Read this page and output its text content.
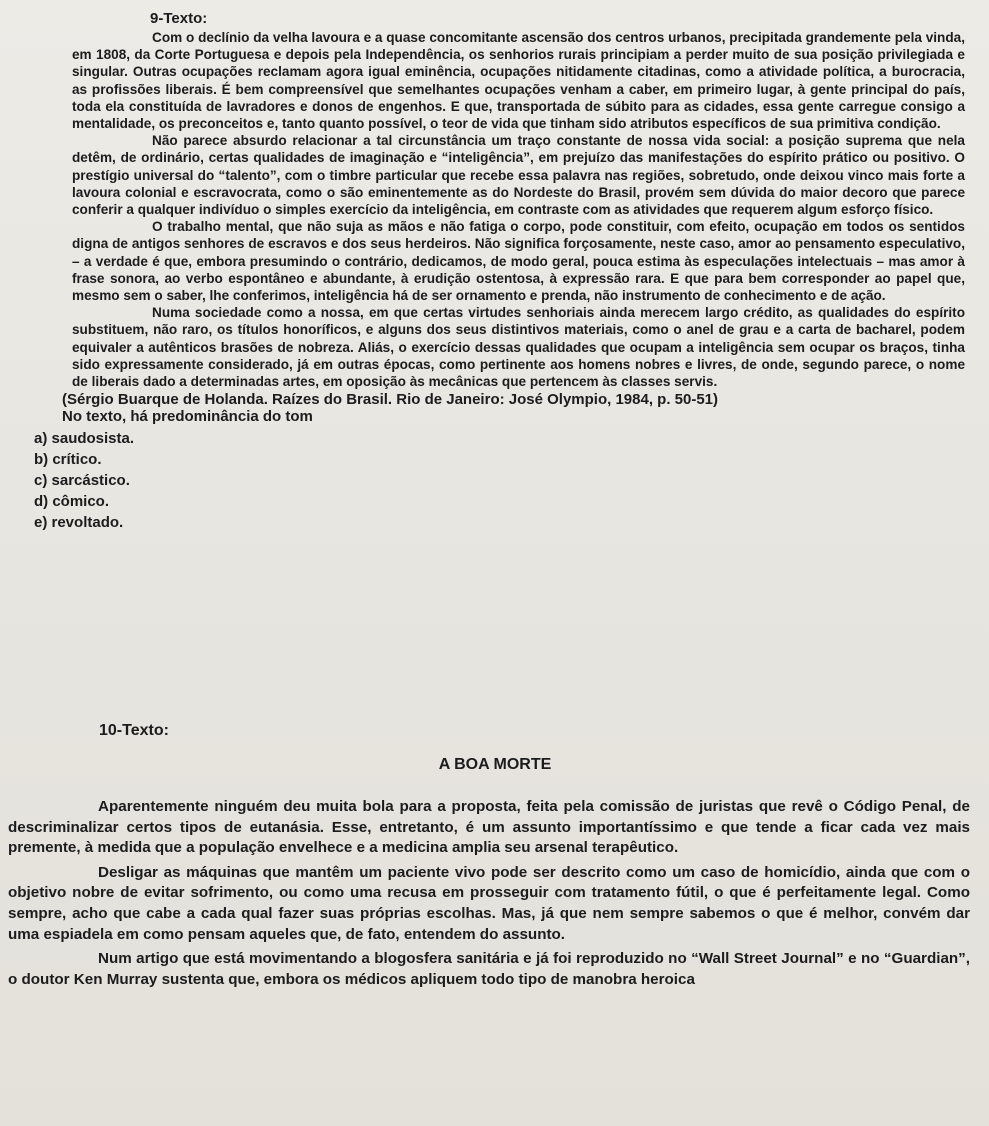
9-Texto:

Com o declínio da velha lavoura e a quase concomitante ascensão dos centros urbanos, precipitada grandemente pela vinda, em 1808, da Corte Portuguesa e depois pela Independência, os senhorios rurais principiam a perder muito de sua posição privilegiada e singular. Outras ocupações reclamam agora igual eminência, ocupações nitidamente citadinas, como a atividade política, a burocracia, as profissões liberais. É bem compreensível que semelhantes ocupações venham a caber, em primeiro lugar, à gente principal do país, toda ela constituída de lavradores e donos de engenhos. E que, transportada de súbito para as cidades, essa gente carregue consigo a mentalidade, os preconceitos e, tanto quanto possível, o teor de vida que tinham sido atributos específicos de sua primitiva condição.

Não parece absurdo relacionar a tal circunstância um traço constante de nossa vida social: a posição suprema que nela detêm, de ordinário, certas qualidades de imaginação e “inteligência”, em prejuízo das manifestações do espírito prático ou positivo. O prestígio universal do “talento”, com o timbre particular que recebe essa palavra nas regiões, sobretudo, onde deixou vinco mais forte a lavoura colonial e escravocrata, como o são eminentemente as do Nordeste do Brasil, provém sem dúvida do maior decoro que parece conferir a qualquer indivíduo o simples exercício da inteligência, em contraste com as atividades que requerem algum esforço físico.

O trabalho mental, que não suja as mãos e não fatiga o corpo, pode constituir, com efeito, ocupação em todos os sentidos digna de antigos senhores de escravos e dos seus herdeiros. Não significa forçosamente, neste caso, amor ao pensamento especulativo, – a verdade é que, embora presumindo o contrário, dedicamos, de modo geral, pouca estima às especulações intelectuais – mas amor à frase sonora, ao verbo espontâneo e abundante, à erudição ostentosa, à expressão rara. E que para bem corresponder ao papel que, mesmo sem o saber, lhe conferimos, inteligência há de ser ornamento e prenda, não instrumento de conhecimento e de ação.

Numa sociedade como a nossa, em que certas virtudes senhoriais ainda merecem largo crédito, as qualidades do espírito substituem, não raro, os títulos honoríficos, e alguns dos seus distintivos materiais, como o anel de grau e a carta de bacharel, podem equivaler a autênticos brasões de nobreza. Aliás, o exercício dessas qualidades que ocupam a inteligência sem ocupar os braços, tinha sido expressamente considerado, já em outras épocas, como pertinente aos homens nobres e livres, de onde, segundo parece, o nome de liberais dado a determinadas artes, em oposição às mecânicas que pertencem às classes servis.

(Sérgio Buarque de Holanda. Raízes do Brasil. Rio de Janeiro: José Olympio, 1984, p. 50-51)
No texto, há predominância do tom
a) saudosista.
b) crítico.
c) sarcástico.
d) cômico.
e) revoltado.
10-Texto:
A BOA MORTE

Aparentemente ninguém deu muita bola para a proposta, feita pela comissão de juristas que revê o Código Penal, de descriminalizar certos tipos de eutanásia. Esse, entretanto, é um assunto importantíssimo e que tende a ficar cada vez mais premente, à medida que a população envelhece e a medicina amplia seu arsenal terapêutico.

Desligar as máquinas que mantêm um paciente vivo pode ser descrito como um caso de homicídio, ainda que com o objetivo nobre de evitar sofrimento, ou como uma recusa em prosseguir com tratamento fútil, o que é perfeitamente legal. Como sempre, acho que cabe a cada qual fazer suas próprias escolhas. Mas, já que nem sempre sabemos o que é melhor, convém dar uma espiadela em como pensam aqueles que, de fato, entendem do assunto.

Num artigo que está movimentando a blogosfera sanitária e já foi reproduzido no “Wall Street Journal” e no “Guardian”, o doutor Ken Murray sustenta que, embora os médicos apliquem todo tipo de manobra heroica
